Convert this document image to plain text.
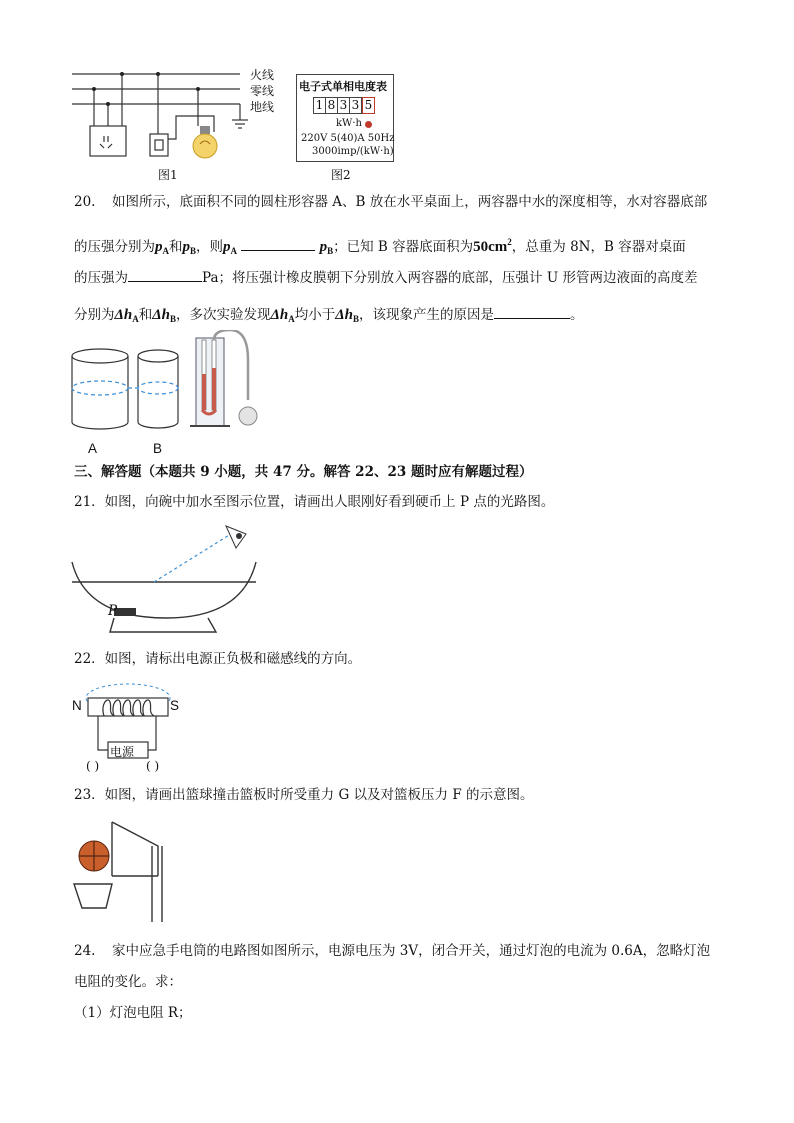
火线
零线
地线
图1
电子式单相电度表
1 8 3 3 5
kW·h
220V 5(40)A 50Hz
3000imp/(kW·h)
图2
20. 如图所示，底面积不同的圆柱形容器 A、B 放在水平桌面上，两容器中水的深度相等，水对容器底部
的压强分别为$p_A$和$p_B$，则$p_A$	$p_B$；已知 B 容器底面积为$50cm^2$，总重为 8N，B 容器对桌面
的压强为	Pa；将压强计橡皮膜朝下分别放入两容器的底部，压强计 U 形管两边液面的高度差
分别为$\Delta h_A$和$\Delta h_B$，多次实验发现$\Delta h_A$均小于$\Delta h_B$，该现象产生的原因是	。
A	B
三、解答题（本题共 9 小题，共 47 分。解答 22、23 题时应有解题过程）
21．如图，向碗中加水至图示位置，请画出人眼刚好看到硬币上 P 点的光路图。
P
22．如图，请标出电源正负极和磁感线的方向。
N	S
电源
( )	( )
23．如图，请画出篮球撞击篮板时所受重力 G 以及对篮板压力 F 的示意图。
24. 家中应急手电筒的电路图如图所示，电源电压为 3V，闭合开关，通过灯泡的电流为 0.6A，忽略灯泡
电阻的变化。求：
（1）灯泡电阻 R；
